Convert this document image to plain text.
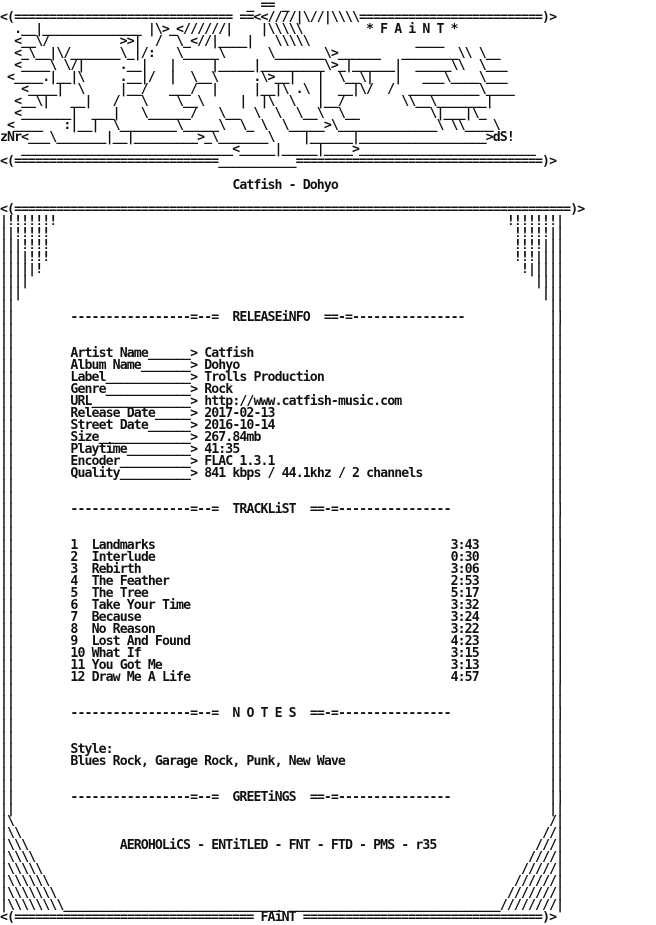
_ == _
<(=============================== ==<<////|\//|\\\\==========================)>
.__|______________ |\>_<//////|    |\\\\\         * F A i N T *
<__\/          >>|  /  \_<//|____|   \\\\\               ____
<_\__|\/_______\_|/:   \_____\      \_______\>______   ________\\ \__
<____\ \/|     .__|   |     |_____|_________\>_|______|  _____\\  \___
<____.|__|\     .__|/  |  \__\     .\>__|   |  \__\|   |   ___\____\___
<____|  \     |__/   ___/  |     |__|\ .\ |  __|\/  /  __________\____
<__\|   __|   /   \    \__\     |  |\  \   |__/        \\__\_______|
<_______|  ___|   \______/   \__  \  \  \__\  \__          \|___|\_
<____   :|__|  \________\_____\  \_ \  \_____>\______________\ \\____\
zNr<___\_______|__|_________>_\_______\    |______|__________________>dS!
______________________________<_____|_____|____>_________________________
<(=============================___________===================================)>
Catfish - Dohyo
<(===============================================================================)>
|!!!!!!!	!!!!!!!|
||!!!!!	!!!!!||
|||!!!!	!!!!|||
||||!!!	!!!||||
|||||!	!|||||
||||	||||
|||	|||
||	||
||	-----------------=--= RELEASEiNFO ==-=----------------	||
||	||
||	||
||	Artist Name______> Catfish	||
||	Album Name_______> Dohyo	||
||	Label____________> Trolls Production	||
||	Genre____________> Rock	||
||	URL______________> http://www.catfish-music.com	||
||	Release Date_____> 2017-02-13	||
||	Street Date______> 2016-10-14	||
||	Size_____________> 267.84mb	||
||	Playtime_________> 41:35	||
||	Encoder__________> FLAC 1.3.1	||
||	Quality__________> 841 kbps / 44.1khz / 2 channels	||
||	||
||	||
||	-----------------=--= TRACKLiST ==-=----------------	||
||	||
||	||
||	1  Landmarks	3:43	||
||	2  Interlude	0:30	||
||	3  Rebirth	3:06	||
||	4  The Feather	2:53	||
||	5  The Tree	5:17	||
||	6  Take Your Time	3:32	||
||	7  Because	3:24	||
||	8  No Reason	3:22	||
||	9  Lost And Found	4:23	||
||	10 What If	3:15	||
||	11 You Got Me	3:13	||
||	12 Draw Me A Life	4:57	||
||	||
||	||
||	-----------------=--= N O T E S ==-=----------------	||
||	||
||	||
||	Style:	||
||	Blues Rock, Garage Rock, Punk, New Wave	||
||	||
||	||
||	-----------------=--= GREETiNGS ==-=----------------	||
||	||
|\	/|
|\\	//|
|\\\	AEROHOLiCS - ENTiTLED - FNT - FTD - PMS - r35	///|
|\\\\	////|
|\\\\\	/////|
|\\\\\\	//////|
|\\\\\\\	///////|
|\\\\\\\\_______________________________ ______________________________////////|
<(================================== FAiNT ==================================)>
